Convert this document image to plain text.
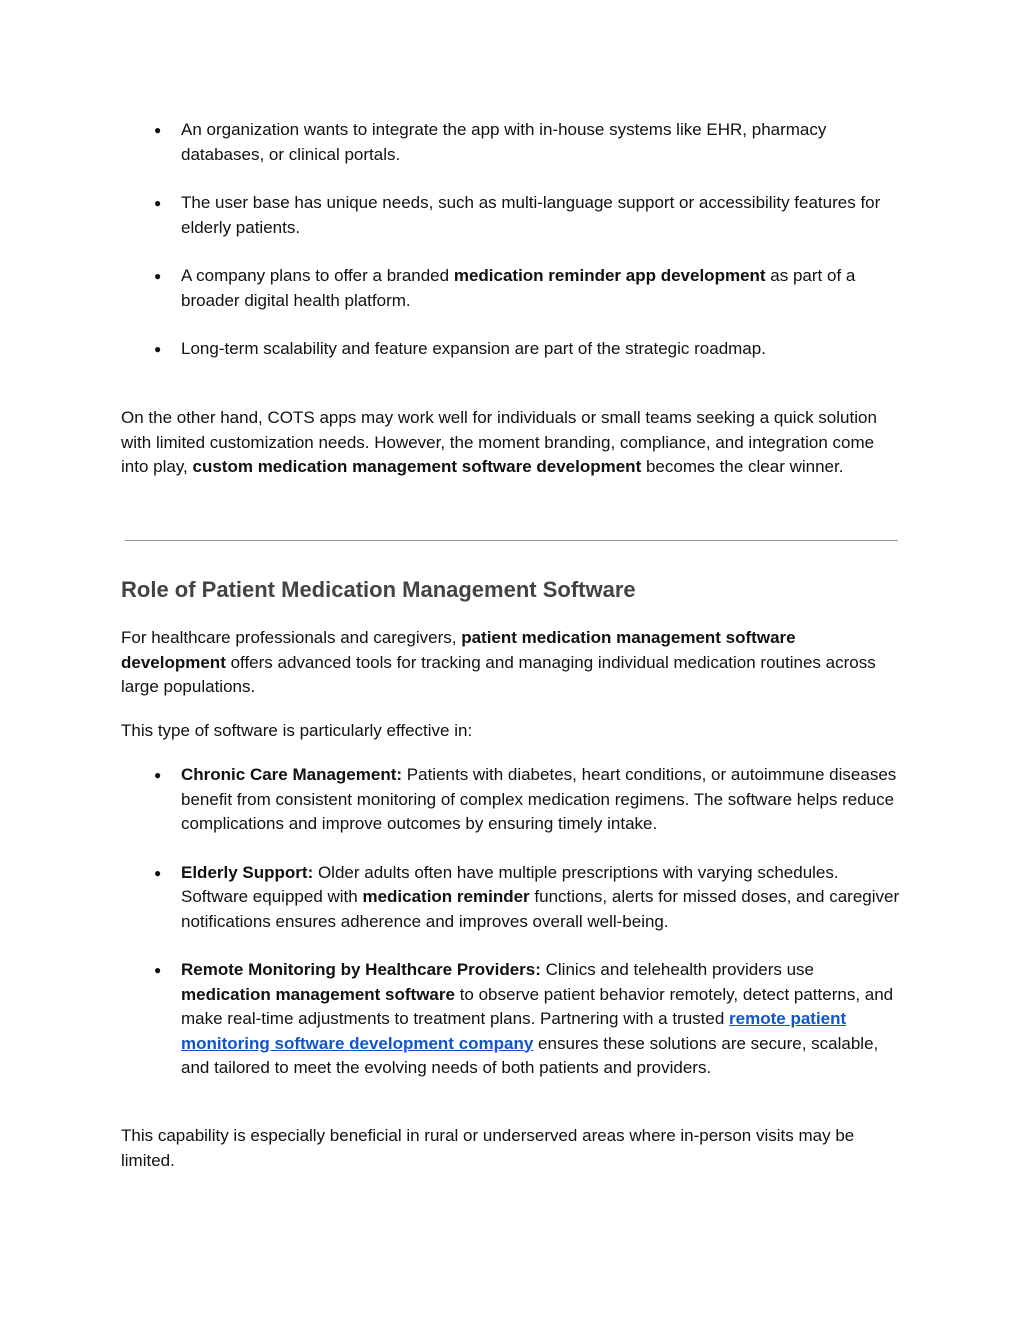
● An organization wants to integrate the app with in-house systems like EHR, pharmacy databases, or clinical portals.
● The user base has unique needs, such as multi-language support or accessibility features for elderly patients.
● A company plans to offer a branded medication reminder app development as part of a broader digital health platform.
● Long-term scalability and feature expansion are part of the strategic roadmap.

On the other hand, COTS apps may work well for individuals or small teams seeking a quick solution with limited customization needs. However, the moment branding, compliance, and integration come into play, custom medication management software development becomes the clear winner.

Role of Patient Medication Management Software

For healthcare professionals and caregivers, patient medication management software development offers advanced tools for tracking and managing individual medication routines across large populations.

This type of software is particularly effective in:

● Chronic Care Management: Patients with diabetes, heart conditions, or autoimmune diseases benefit from consistent monitoring of complex medication regimens. The software helps reduce complications and improve outcomes by ensuring timely intake.
● Elderly Support: Older adults often have multiple prescriptions with varying schedules. Software equipped with medication reminder functions, alerts for missed doses, and caregiver notifications ensures adherence and improves overall well-being.
● Remote Monitoring by Healthcare Providers: Clinics and telehealth providers use medication management software to observe patient behavior remotely, detect patterns, and make real-time adjustments to treatment plans. Partnering with a trusted remote patient monitoring software development company ensures these solutions are secure, scalable, and tailored to meet the evolving needs of both patients and providers.

This capability is especially beneficial in rural or underserved areas where in-person visits may be limited.
